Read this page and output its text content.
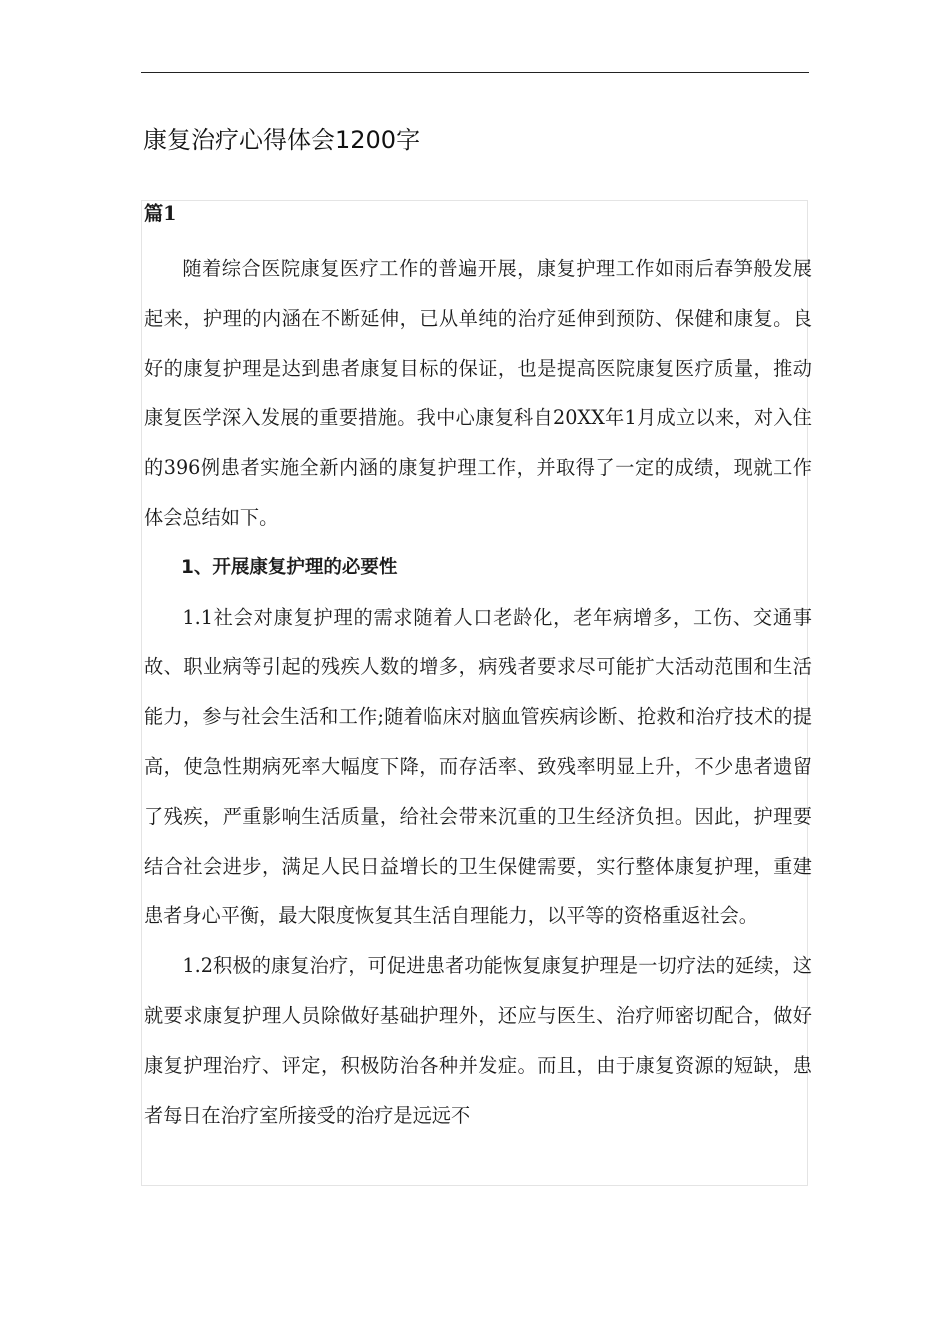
康复治疗心得体会1200字

篇1

随着综合医院康复医疗工作的普遍开展，康复护理工作如雨后春笋般发展起来，护理的内涵在不断延伸，已从单纯的治疗延伸到预防、保健和康复。良好的康复护理是达到患者康复目标的保证，也是提高医院康复医疗质量，推动康复医学深入发展的重要措施。我中心康复科自20XX年1月成立以来，对入住的396例患者实施全新内涵的康复护理工作，并取得了一定的成绩，现就工作体会总结如下。

1、开展康复护理的必要性

1.1社会对康复护理的需求随着人口老龄化，老年病增多，工伤、交通事故、职业病等引起的残疾人数的增多，病残者要求尽可能扩大活动范围和生活能力，参与社会生活和工作;随着临床对脑血管疾病诊断、抢救和治疗技术的提高，使急性期病死率大幅度下降，而存活率、致残率明显上升，不少患者遗留了残疾，严重影响生活质量，给社会带来沉重的卫生经济负担。因此，护理要结合社会进步，满足人民日益增长的卫生保健需要，实行整体康复护理，重建患者身心平衡，最大限度恢复其生活自理能力，以平等的资格重返社会。

1.2积极的康复治疗，可促进患者功能恢复康复护理是一切疗法的延续，这就要求康复护理人员除做好基础护理外，还应与医生、治疗师密切配合，做好康复护理治疗、评定，积极防治各种并发症。而且，由于康复资源的短缺，患者每日在治疗室所接受的治疗是远远不
